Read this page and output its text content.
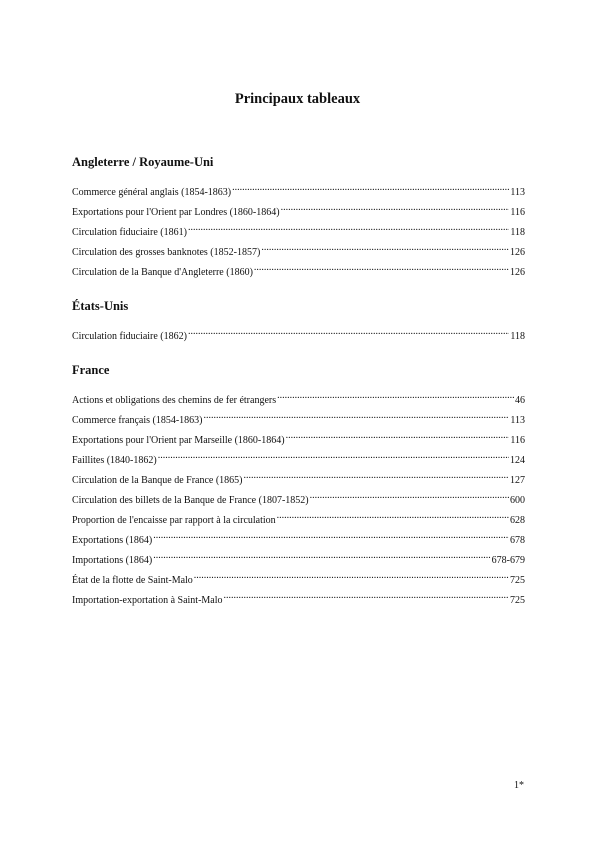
Principaux tableaux
Angleterre / Royaume-Uni
Commerce général anglais (1854-1863) .....	113
Exportations pour l'Orient par Londres (1860-1864) .....	116
Circulation fiduciaire (1861) .....	118
Circulation des grosses banknotes (1852-1857) .....	126
Circulation de la Banque d'Angleterre (1860) .....	126
États-Unis
Circulation fiduciaire (1862) .....	118
France
Actions et obligations des chemins de fer étrangers .....	46
Commerce français (1854-1863) .....	113
Exportations pour l'Orient par Marseille (1860-1864) .....	116
Faillites (1840-1862) .....	124
Circulation de la Banque de France (1865) .....	127
Circulation des billets de la Banque de France (1807-1852) .....	600
Proportion de l'encaisse par rapport à la circulation .....	628
Exportations (1864) .....	678
Importations (1864) .....	678-679
État de la flotte de Saint-Malo .....	725
Importation-exportation à Saint-Malo .....	725
1*
